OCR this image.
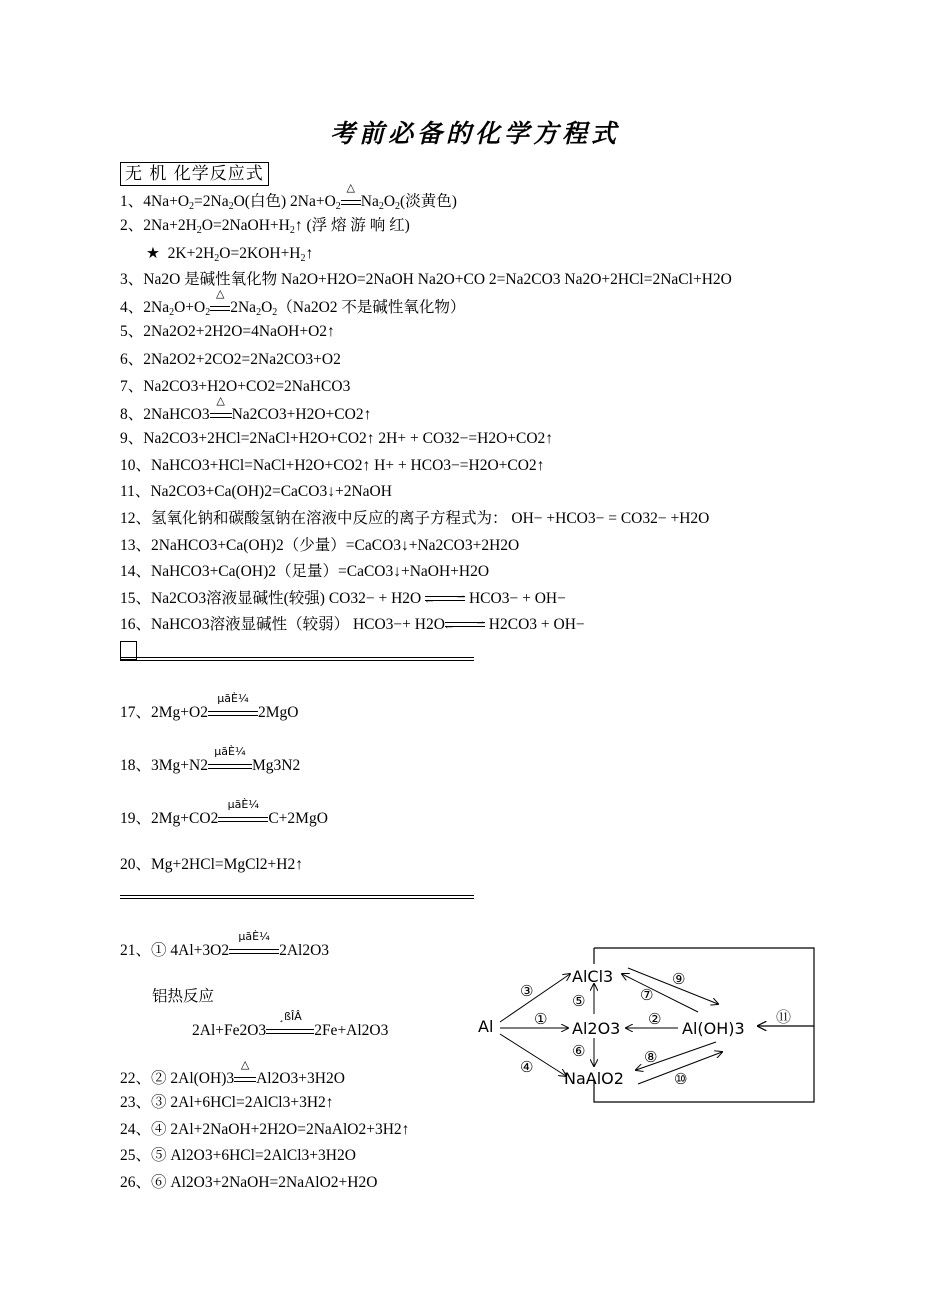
考前必备的化学方程式
无 机 化学反应式
1、$4Na+O_2=2Na_2O$(白色) $2Na+O_2$
△
$Na_2O_2$(淡黄色)
2、$2Na+2H_2O=2NaOH+H_2↑$ (浮 熔 游 响 红)
★ $2K+2H_2O=2KOH+H_2↑$
3、Na2O 是碱性氧化物 Na2O+H2O=2NaOH Na2O+CO 2=Na2CO3 Na2O+2HCl=2NaCl+H2O
4、$2Na_2O+O_2$
△
$2Na_2O_2(Na2O2$ 不是碱性氧化物）
5、2Na2O2+2H2O=4NaOH+O2↑
6、2Na2O2+2CO2=2Na2CO3+O2
7、Na2CO3+H2O+CO2=2NaHCO3
8、2NaHCO3
△
Na2CO3+H2O+CO2↑
9、Na2CO3+2HCl=2NaCl+H2O+CO2↑ 2H+ + CO32−=H2O+CO2↑
10、NaHCO3+HCl=NaCl+H2O+CO2↑ H+ + HCO3−=H2O+CO2↑
11、Na2CO3+Ca(OH)2=CaCO3↓+2NaOH
12、氢氧化钠和碳酸氢钠在溶液中反应的离子方程式为： OH− +HCO3− = CO32− +H2O
13、2NaHCO3+Ca(OH)2（少量）=CaCO3↓+Na2CO3+2H2O
14、NaHCO3+Ca(OH)2（足量）=CaCO3↓+NaOH+H2O
15、Na2CO3溶液显碱性(较强) CO32− + H2O	⇀
↽ HCO3− + OH−
16、NaHCO3溶液显碱性（较弱） HCO3−+ H2O	⇀
↽ H2CO3 + OH−
17、2Mg+O2
µãÈ¼
2MgO
18、3Mg+N2
µãÈ¼
Mg3N2
19、2Mg+CO2
µãÈ¼
C+2MgO
20、Mg+2HCl=MgCl2+H2↑
21、① 4Al+3O2
µãÈ¼
2Al2O3
铝热反应
2Al+Fe2O3
¸ßÎÂ
2Fe+Al2O3
22、② 2Al(OH)3
△
Al2O3+3H2O
23、③ 2Al+6HCl=2AlCl3+3H2↑
24、④ 2Al+2NaOH+2H2O=2NaAlO2+3H2↑
25、⑤ Al2O3+6HCl=2AlCl3+3H2O
26、⑥ Al2O3+2NaOH=2NaAlO2+H2O
Al
AlCl3
Al2O3	Al(OH)3
NaAlO2
③
①
④
⑤
⑥
②
⑦
⑨
⑧
⑩
⑪
